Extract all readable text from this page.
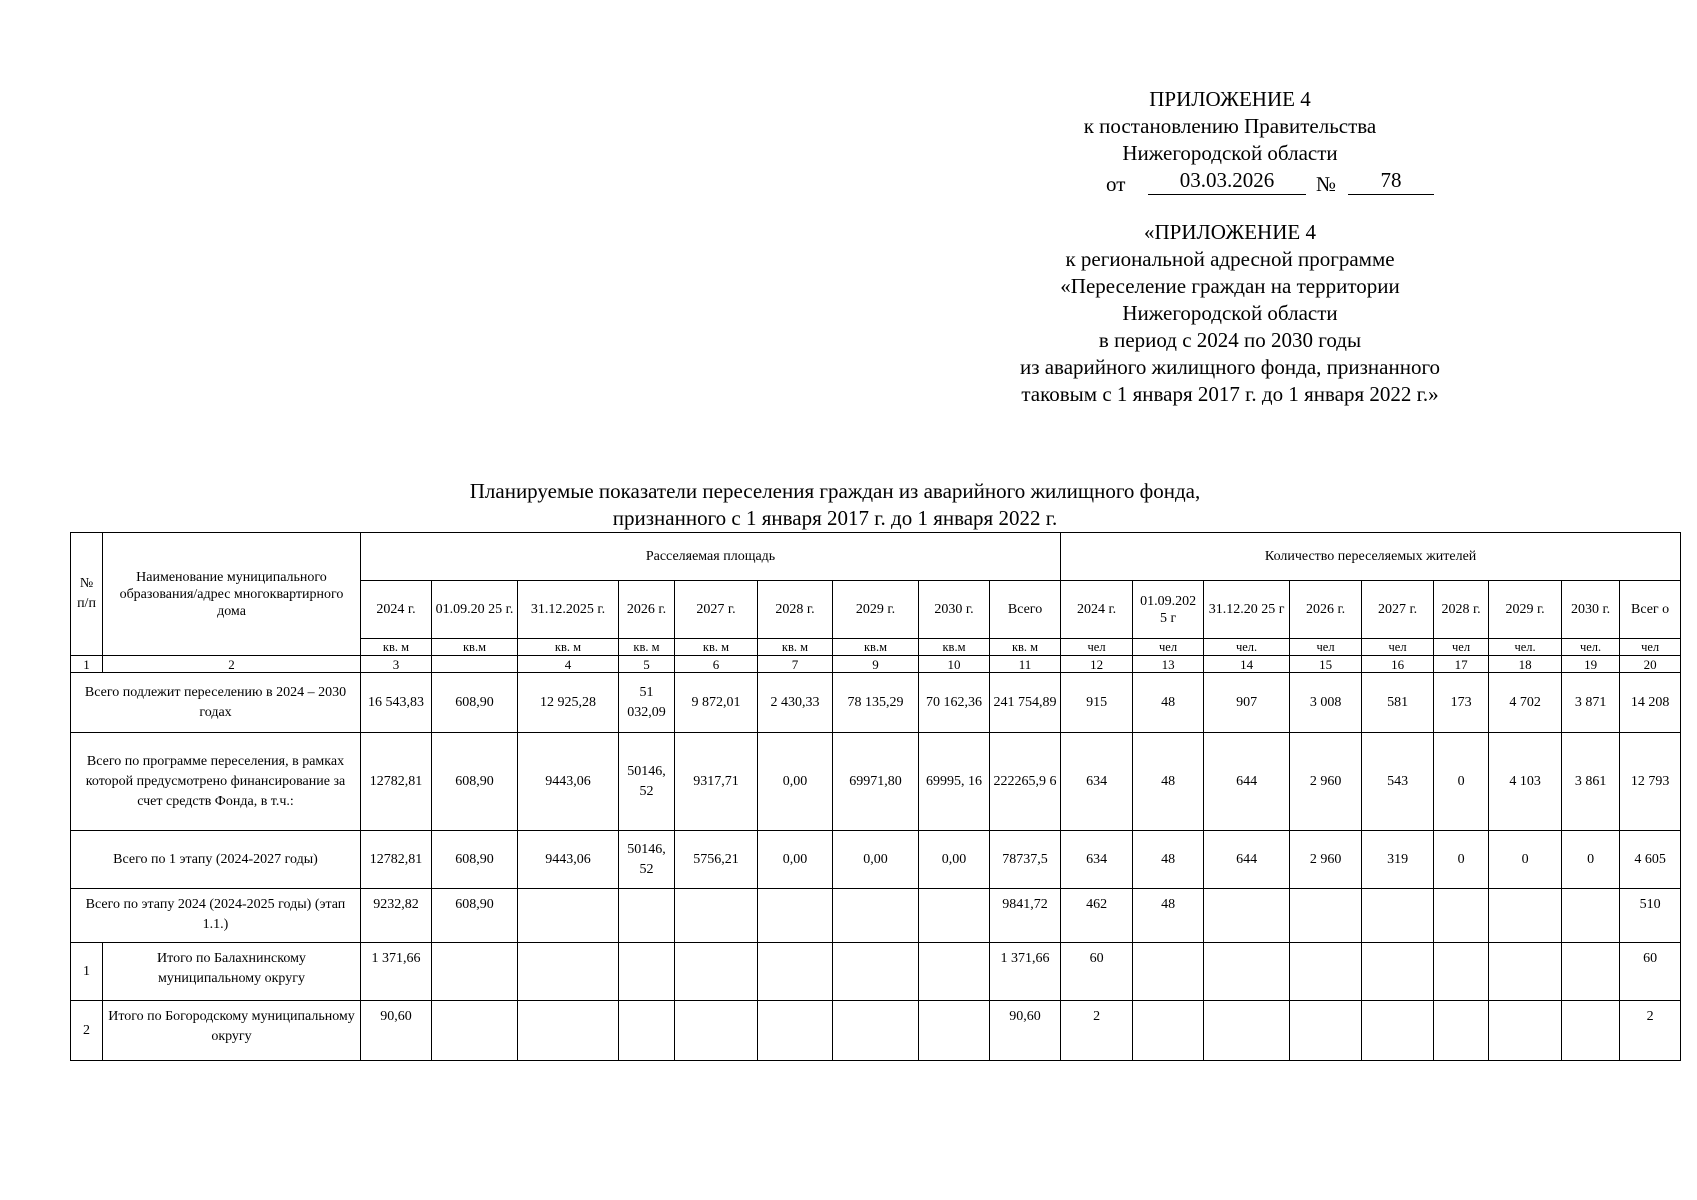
ПРИЛОЖЕНИЕ 4
к постановлению Правительства
Нижегородской области
от	03.03.2026	№	78
«ПРИЛОЖЕНИЕ 4
к региональной адресной программе
«Переселение граждан на территории
Нижегородской области
в период с 2024 по 2030 годы
из аварийного жилищного фонда, признанного
таковым с 1 января 2017 г. до 1 января 2022 г.»
Планируемые показатели переселения граждан из аварийного жилищного фонда,
признанного с 1 января 2017 г. до 1 января 2022 г.
№ п/п	Наименование муниципального образования/адрес многоквартирного дома	Расселяемая площадь									Количество переселяемых жителей								
		2024 г.	01.09.20 25 г.	31.12.2025 г.	2026 г.	2027 г.	2028 г.	2029 г.	2030 г.	Всего	2024 г.	01.09.202 5 г	31.12.20 25 г	2026 г.	2027 г.	2028 г.	2029 г.	2030 г.	Всег о
		кв. м	кв.м	кв. м	кв. м	кв. м	кв. м	кв.м	кв.м	кв. м	чел	чел	чел.	чел	чел	чел	чел.	чел.	чел
1	2	3		4	5	6	7	9	10	11	12	13	14	15	16	17	18	19	20
Всего подлежит переселению в 2024 – 2030 годах		16 543,83	608,90	12 925,28	51 032,09	9 872,01	2 430,33	78 135,29	70 162,36	241 754,89	915	48	907	3 008	581	173	4 702	3 871	14 208
Всего по программе переселения, в рамках которой предусмотрено финансирование за счет средств Фонда, в т.ч.:		12782,81	608,90	9443,06	50146, 52	9317,71	0,00	69971,80	69995, 16	222265,9 6	634	48	644	2 960	543	0	4 103	3 861	12 793
Всего по 1 этапу (2024-2027 годы)		12782,81	608,90	9443,06	50146, 52	5756,21	0,00	0,00	0,00	78737,5	634	48	644	2 960	319	0	0	0	4 605
Всего по этапу 2024 (2024-2025 годы) (этап 1.1.)		9232,82	608,90							9841,72	462	48							510
1	Итого по Балахнинскому муниципальному округу	1 371,66								1 371,66	60								60
2	Итого по Богородскому муниципальному округу	90,60								90,60	2								2
